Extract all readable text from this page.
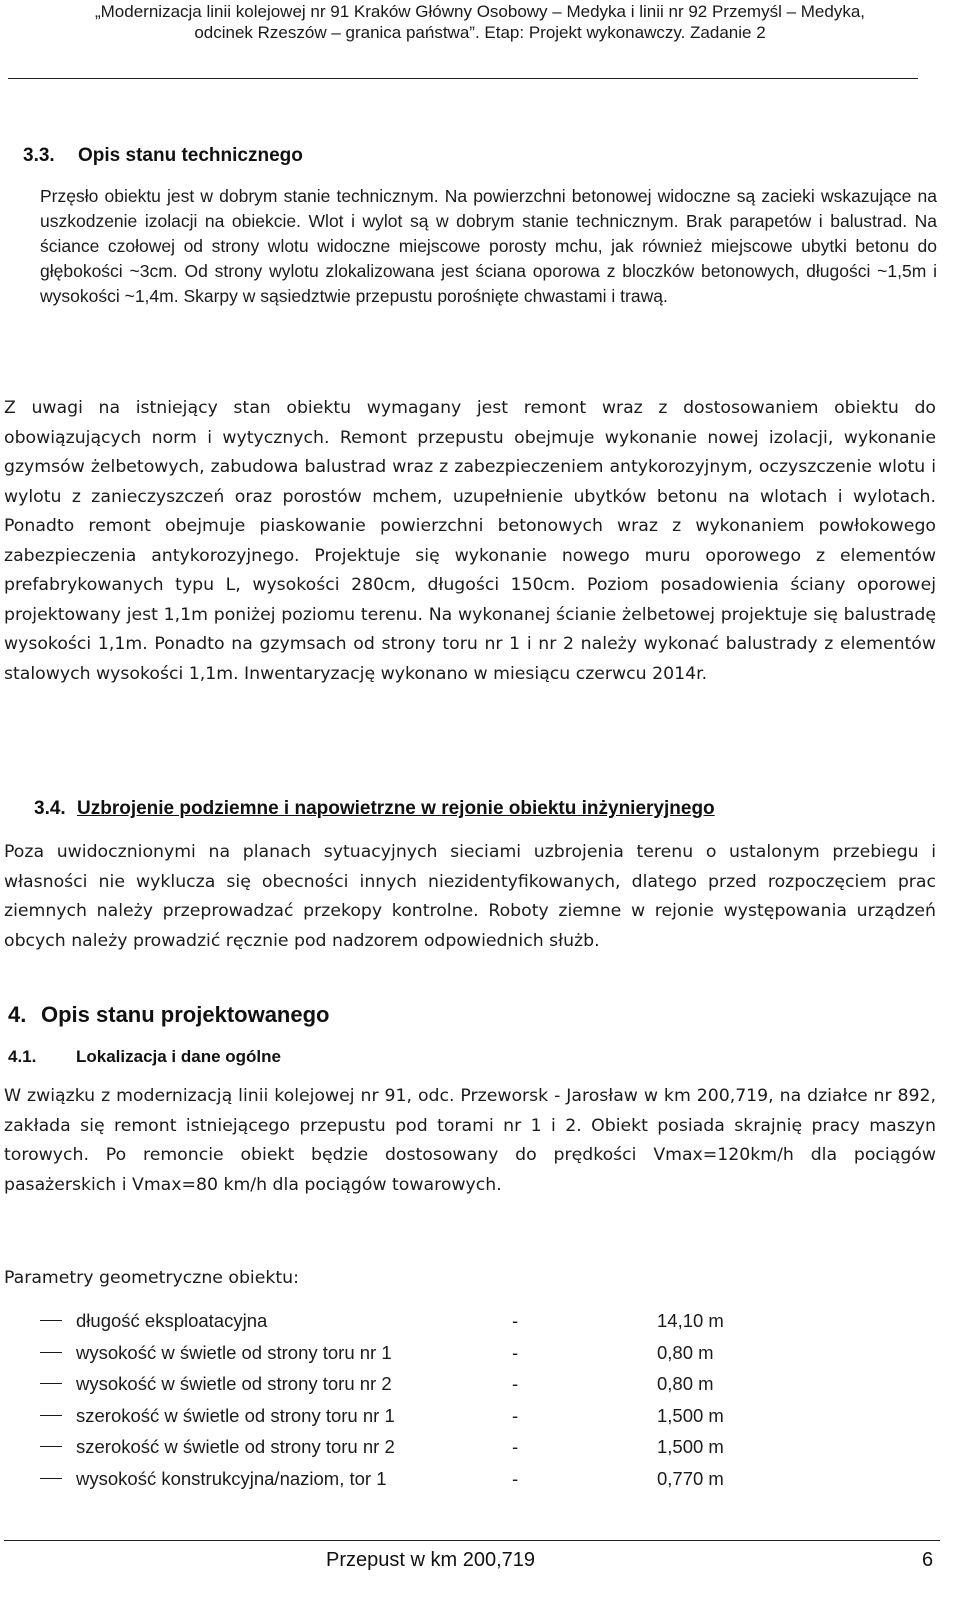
„Modernizacja linii kolejowej nr 91 Kraków Główny Osobowy – Medyka i linii nr 92 Przemyśl – Medyka,
odcinek Rzeszów – granica państwa”. Etap: Projekt wykonawczy. Zadanie 2
3.3. Opis stanu technicznego
Przęsło obiektu jest w dobrym stanie technicznym. Na powierzchni betonowej widoczne są zacieki wskazujące na uszkodzenie izolacji na obiekcie. Wlot i wylot są w dobrym stanie technicznym. Brak parapetów i balustrad. Na ściance czołowej od strony wlotu widoczne miejscowe porosty mchu, jak również miejscowe ubytki betonu do głębokości ~3cm. Od strony wylotu zlokalizowana jest ściana oporowa z bloczków betonowych, długości ~1,5m i wysokości ~1,4m. Skarpy w sąsiedztwie przepustu porośnięte chwastami i trawą.
Z uwagi na istniejący stan obiektu wymagany jest remont wraz z dostosowaniem obiektu do obowiązujących norm i wytycznych. Remont przepustu obejmuje wykonanie nowej izolacji, wykonanie gzymsów żelbetowych, zabudowa balustrad wraz z zabezpieczeniem antykorozyjnym, oczyszczenie wlotu i wylotu z zanieczyszczeń oraz porostów mchem, uzupełnienie ubytków betonu na wlotach i wylotach. Ponadto remont obejmuje piaskowanie powierzchni betonowych wraz z wykonaniem powłokowego zabezpieczenia antykorozyjnego. Projektuje się wykonanie nowego muru oporowego z elementów prefabrykowanych typu L, wysokości 280cm, długości 150cm. Poziom posadowienia ściany oporowej projektowany jest 1,1m poniżej poziomu terenu. Na wykonanej ścianie żelbetowej projektuje się balustradę wysokości 1,1m. Ponadto na gzymsach od strony toru nr 1 i nr 2 należy wykonać balustrady z elementów stalowych wysokości 1,1m. Inwentaryzację wykonano w miesiącu czerwcu 2014r.
3.4. Uzbrojenie podziemne i napowietrzne w rejonie obiektu inżynieryjnego
Poza uwidocznionymi na planach sytuacyjnych sieciami uzbrojenia terenu o ustalonym przebiegu i własności nie wyklucza się obecności innych niezidentyfikowanych, dlatego przed rozpoczęciem prac ziemnych należy przeprowadzać przekopy kontrolne. Roboty ziemne w rejonie występowania urządzeń obcych należy prowadzić ręcznie pod nadzorem odpowiednich służb.
4. Opis stanu projektowanego
4.1. Lokalizacja i dane ogólne
W związku z modernizacją linii kolejowej nr 91, odc. Przeworsk - Jarosław w km 200,719, na działce nr 892, zakłada się remont istniejącego przepustu pod torami nr 1 i 2. Obiekt posiada skrajnię pracy maszyn torowych. Po remoncie obiekt będzie dostosowany do prędkości Vmax=120km/h dla pociągów pasażerskich i Vmax=80 km/h dla pociągów towarowych.
Parametry geometryczne obiektu:
długość eksploatacyjna	-	14,10 m
wysokość w świetle od strony toru nr 1	-	0,80 m
wysokość w świetle od strony toru nr 2	-	0,80 m
szerokość w świetle od strony toru nr 1	-	1,500 m
szerokość w świetle od strony toru nr 2	-	1,500 m
wysokość konstrukcyjna/naziom, tor 1	-	0,770 m
Przepust w km 200,719	6
